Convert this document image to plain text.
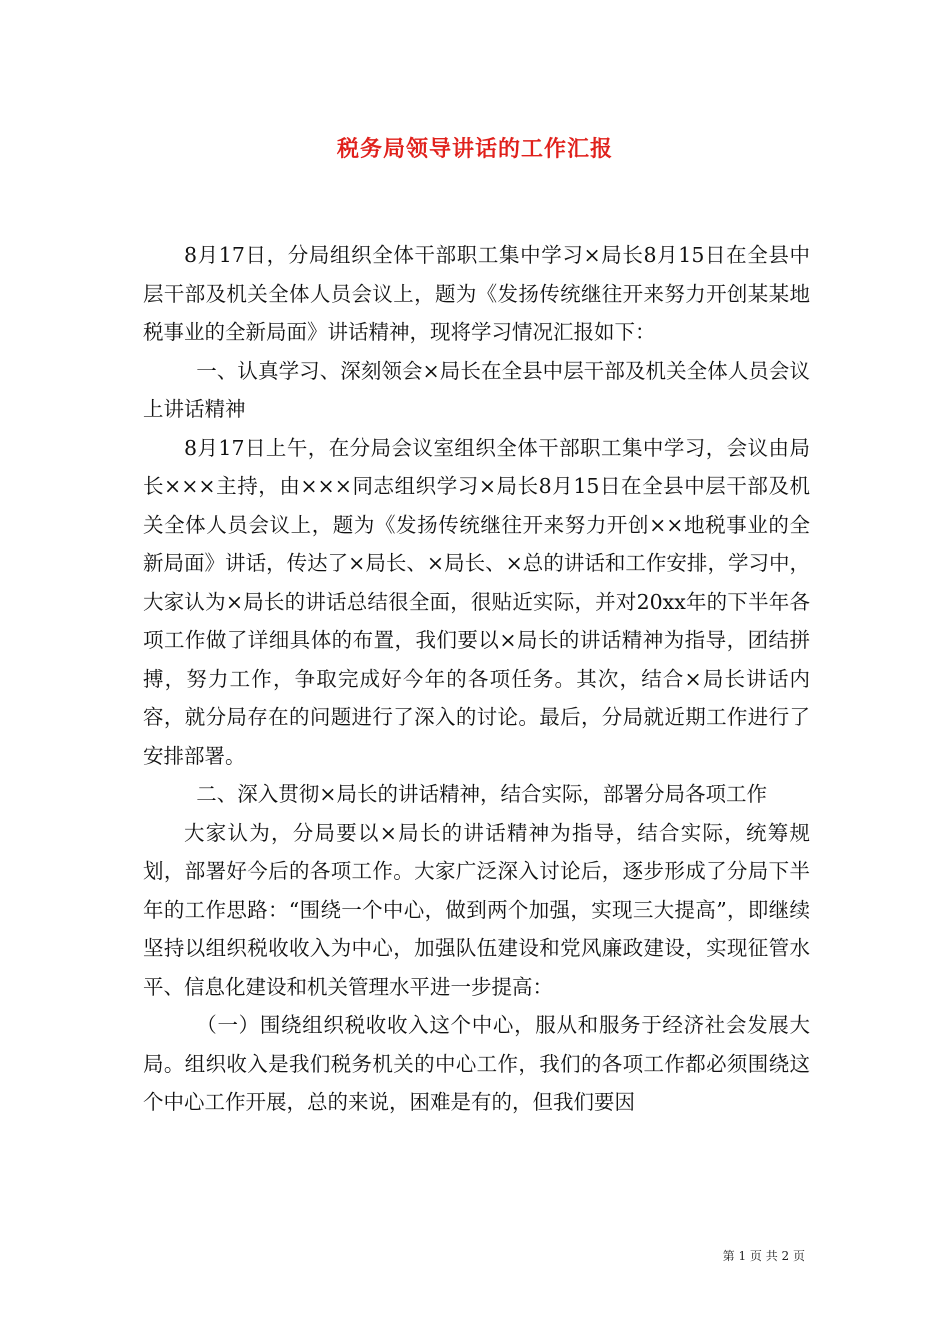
税务局领导讲话的工作汇报

8月17日，分局组织全体干部职工集中学习×局长8月15日在全县中层干部及机关全体人员会议上，题为《发扬传统继往开来努力开创某某地税事业的全新局面》讲话精神，现将学习情况汇报如下：

一、认真学习、深刻领会×局长在全县中层干部及机关全体人员会议上讲话精神

8月17日上午，在分局会议室组织全体干部职工集中学习，会议由局长×××主持，由×××同志组织学习×局长8月15日在全县中层干部及机关全体人员会议上，题为《发扬传统继往开来努力开创××地税事业的全新局面》讲话，传达了×局长、×局长、×总的讲话和工作安排，学习中，大家认为×局长的讲话总结很全面，很贴近实际，并对20xx年的下半年各项工作做了详细具体的布置，我们要以×局长的讲话精神为指导，团结拼搏，努力工作，争取完成好今年的各项任务。其次，结合×局长讲话内容，就分局存在的问题进行了深入的讨论。最后，分局就近期工作进行了安排部署。

二、深入贯彻×局长的讲话精神，结合实际，部署分局各项工作

大家认为，分局要以×局长的讲话精神为指导，结合实际，统筹规划，部署好今后的各项工作。大家广泛深入讨论后，逐步形成了分局下半年的工作思路：“围绕一个中心，做到两个加强，实现三大提高”，即继续坚持以组织税收收入为中心，加强队伍建设和党风廉政建设，实现征管水平、信息化建设和机关管理水平进一步提高：

（一）围绕组织税收收入这个中心，服从和服务于经济社会发展大局。组织收入是我们税务机关的中心工作，我们的各项工作都必须围绕这个中心工作开展，总的来说，困难是有的，但我们要因

第 1 页 共 2 页
